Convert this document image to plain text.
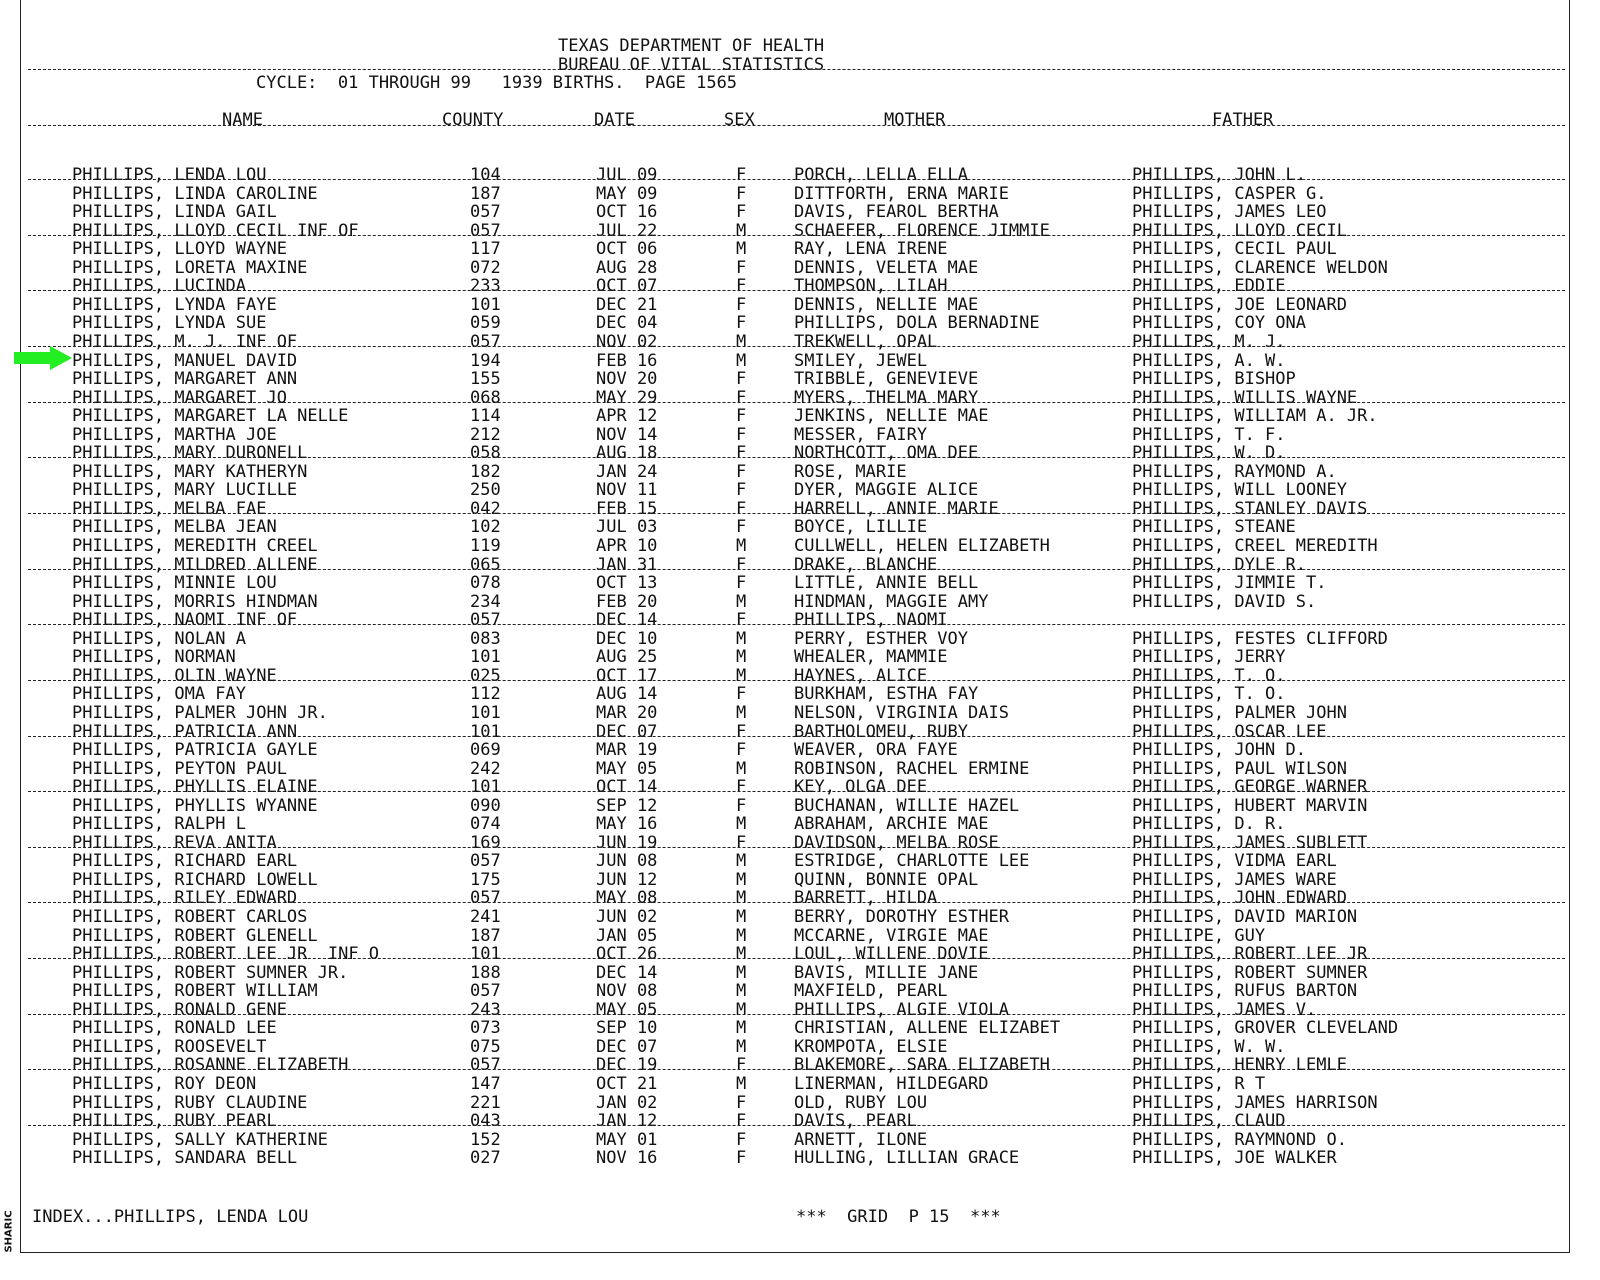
TEXAS DEPARTMENT OF HEALTH
BUREAU OF VITAL STATISTICS
CYCLE:  01 THROUGH 99   1939 BIRTHS.  PAGE 1565
NAME	COUNTY	DATE	SEX	MOTHER	FATHER
PHILLIPS, LENDA LOU	104	JUL 09	F	PORCH, LELLA ELLA	PHILLIPS, JOHN L.
PHILLIPS, LINDA CAROLINE	187	MAY 09	F	DITTFORTH, ERNA MARIE	PHILLIPS, CASPER G.
PHILLIPS, LINDA GAIL	057	OCT 16	F	DAVIS, FEAROL BERTHA	PHILLIPS, JAMES LEO
PHILLIPS, LLOYD CECIL INF OF	057	JUL 22	M	SCHAEFER, FLORENCE JIMMIE	PHILLIPS, LLOYD CECIL
PHILLIPS, LLOYD WAYNE	117	OCT 06	M	RAY, LENA IRENE	PHILLIPS, CECIL PAUL
PHILLIPS, LORETA MAXINE	072	AUG 28	F	DENNIS, VELETA MAE	PHILLIPS, CLARENCE WELDON
PHILLIPS, LUCINDA	233	OCT 07	F	THOMPSON, LILAH	PHILLIPS, EDDIE
PHILLIPS, LYNDA FAYE	101	DEC 21	F	DENNIS, NELLIE MAE	PHILLIPS, JOE LEONARD
PHILLIPS, LYNDA SUE	059	DEC 04	F	PHILLIPS, DOLA BERNADINE	PHILLIPS, COY ONA
PHILLIPS, M. J. INF OF	057	NOV 02	M	TREKWELL, OPAL	PHILLIPS, M. J.
PHILLIPS, MANUEL DAVID	194	FEB 16	M	SMILEY, JEWEL	PHILLIPS, A. W.
PHILLIPS, MARGARET ANN	155	NOV 20	F	TRIBBLE, GENEVIEVE	PHILLIPS, BISHOP
PHILLIPS, MARGARET JO	068	MAY 29	F	MYERS, THELMA MARY	PHILLIPS, WILLIS WAYNE
PHILLIPS, MARGARET LA NELLE	114	APR 12	F	JENKINS, NELLIE MAE	PHILLIPS, WILLIAM A. JR.
PHILLIPS, MARTHA JOE	212	NOV 14	F	MESSER, FAIRY	PHILLIPS, T. F.
PHILLIPS, MARY DURONELL	058	AUG 18	F	NORTHCOTT, OMA DEE	PHILLIPS, W. D.
PHILLIPS, MARY KATHERYN	182	JAN 24	F	ROSE, MARIE	PHILLIPS, RAYMOND A.
PHILLIPS, MARY LUCILLE	250	NOV 11	F	DYER, MAGGIE ALICE	PHILLIPS, WILL LOONEY
PHILLIPS, MELBA FAE	042	FEB 15	F	HARRELL, ANNIE MARIE	PHILLIPS, STANLEY DAVIS
PHILLIPS, MELBA JEAN	102	JUL 03	F	BOYCE, LILLIE	PHILLIPS, STEANE
PHILLIPS, MEREDITH CREEL	119	APR 10	M	CULLWELL, HELEN ELIZABETH	PHILLIPS, CREEL MEREDITH
PHILLIPS, MILDRED ALLENE	065	JAN 31	F	DRAKE, BLANCHE	PHILLIPS, DYLE R.
PHILLIPS, MINNIE LOU	078	OCT 13	F	LITTLE, ANNIE BELL	PHILLIPS, JIMMIE T.
PHILLIPS, MORRIS HINDMAN	234	FEB 20	M	HINDMAN, MAGGIE AMY	PHILLIPS, DAVID S.
PHILLIPS, NAOMI INF OF	057	DEC 14	F	PHILLIPS, NAOMI
PHILLIPS, NOLAN A	083	DEC 10	M	PERRY, ESTHER VOY	PHILLIPS, FESTES CLIFFORD
PHILLIPS, NORMAN	101	AUG 25	M	WHEALER, MAMMIE	PHILLIPS, JERRY
PHILLIPS, OLIN WAYNE	025	OCT 17	M	HAYNES, ALICE	PHILLIPS, T. O.
PHILLIPS, OMA FAY	112	AUG 14	F	BURKHAM, ESTHA FAY	PHILLIPS, T. O.
PHILLIPS, PALMER JOHN JR.	101	MAR 20	M	NELSON, VIRGINIA DAIS	PHILLIPS, PALMER JOHN
PHILLIPS, PATRICIA ANN	101	DEC 07	F	BARTHOLOMEU, RUBY	PHILLIPS, OSCAR LEE
PHILLIPS, PATRICIA GAYLE	069	MAR 19	F	WEAVER, ORA FAYE	PHILLIPS, JOHN D.
PHILLIPS, PEYTON PAUL	242	MAY 05	M	ROBINSON, RACHEL ERMINE	PHILLIPS, PAUL WILSON
PHILLIPS, PHYLLIS ELAINE	101	OCT 14	F	KEY, OLGA DEE	PHILLIPS, GEORGE WARNER
PHILLIPS, PHYLLIS WYANNE	090	SEP 12	F	BUCHANAN, WILLIE HAZEL	PHILLIPS, HUBERT MARVIN
PHILLIPS, RALPH L	074	MAY 16	M	ABRAHAM, ARCHIE MAE	PHILLIPS, D. R.
PHILLIPS, REVA ANITA	169	JUN 19	F	DAVIDSON, MELBA ROSE	PHILLIPS, JAMES SUBLETT
PHILLIPS, RICHARD EARL	057	JUN 08	M	ESTRIDGE, CHARLOTTE LEE	PHILLIPS, VIDMA EARL
PHILLIPS, RICHARD LOWELL	175	JUN 12	M	QUINN, BONNIE OPAL	PHILLIPS, JAMES WARE
PHILLIPS, RILEY EDWARD	057	MAY 08	M	BARRETT, HILDA	PHILLIPS, JOHN EDWARD
PHILLIPS, ROBERT CARLOS	241	JUN 02	M	BERRY, DOROTHY ESTHER	PHILLIPS, DAVID MARION
PHILLIPS, ROBERT GLENELL	187	JAN 05	M	MCCARNE, VIRGIE MAE	PHILLIPE, GUY
PHILLIPS, ROBERT LEE JR  INF O	101	OCT 26	M	LOUL, WILLENE DOVIE	PHILLIPS, ROBERT LEE JR
PHILLIPS, ROBERT SUMNER JR.	188	DEC 14	M	BAVIS, MILLIE JANE	PHILLIPS, ROBERT SUMNER
PHILLIPS, ROBERT WILLIAM	057	NOV 08	M	MAXFIELD, PEARL	PHILLIPS, RUFUS BARTON
PHILLIPS, RONALD GENE	243	MAY 05	M	PHILLIPS, ALGIE VIOLA	PHILLIPS, JAMES V.
PHILLIPS, RONALD LEE	073	SEP 10	M	CHRISTIAN, ALLENE ELIZABET	PHILLIPS, GROVER CLEVELAND
PHILLIPS, ROOSEVELT	075	DEC 07	M	KROMPOTA, ELSIE	PHILLIPS, W. W.
PHILLIPS, ROSANNE ELIZABETH	057	DEC 19	F	BLAKEMORE, SARA ELIZABETH	PHILLIPS, HENRY LEMLE
PHILLIPS, ROY DEON	147	OCT 21	M	LINERMAN, HILDEGARD	PHILLIPS, R T
PHILLIPS, RUBY CLAUDINE	221	JAN 02	F	OLD, RUBY LOU	PHILLIPS, JAMES HARRISON
PHILLIPS, RUBY PEARL	043	JAN 12	F	DAVIS, PEARL	PHILLIPS, CLAUD
PHILLIPS, SALLY KATHERINE	152	MAY 01	F	ARNETT, ILONE	PHILLIPS, RAYMNOND O.
PHILLIPS, SANDARA BELL	027	NOV 16	F	HULLING, LILLIAN GRACE	PHILLIPS, JOE WALKER
INDEX...PHILLIPS, LENDA LOU	***  GRID  P 15  ***
SHARIC
